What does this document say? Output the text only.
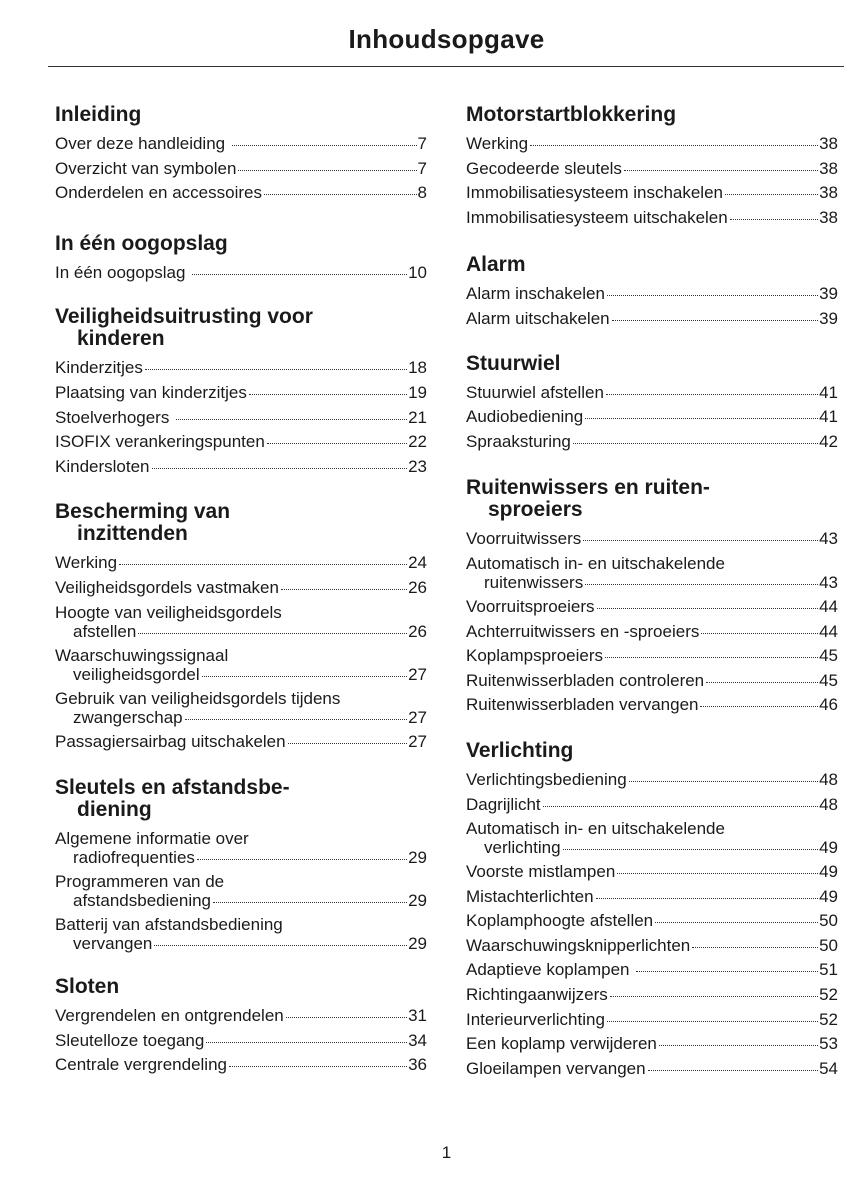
Inhoudsopgave
Inleiding
Over deze handleiding	7
Overzicht van symbolen	7
Onderdelen en accessoires	8
In één oogopslag
In één oogopslag	10
Veiligheidsuitrusting voor
kinderen
Kinderzitjes	18
Plaatsing van kinderzitjes	19
Stoelverhogers	21
ISOFIX verankeringspunten	22
Kindersloten	23
Bescherming van
inzittenden
Werking	24
Veiligheidsgordels vastmaken	26
Hoogte van veiligheidsgordels
afstellen	26
Waarschuwingssignaal
veiligheidsgordel	27
Gebruik van veiligheidsgordels tijdens
zwangerschap	27
Passagiersairbag uitschakelen	27
Sleutels en afstandsbe-
diening
Algemene informatie over
radiofrequenties	29
Programmeren van de
afstandsbediening	29
Batterij van afstandsbediening
vervangen	29
Sloten
Vergrendelen en ontgrendelen	31
Sleutelloze toegang	34
Centrale vergrendeling	36
Motorstartblokkering
Werking	38
Gecodeerde sleutels	38
Immobilisatiesysteem inschakelen	38
Immobilisatiesysteem uitschakelen	38
Alarm
Alarm inschakelen	39
Alarm uitschakelen	39
Stuurwiel
Stuurwiel afstellen	41
Audiobediening	41
Spraaksturing	42
Ruitenwissers en ruiten-
sproeiers
Voorruitwissers	43
Automatisch in- en uitschakelende
ruitenwissers	43
Voorruitsproeiers	44
Achterruitwissers en -sproeiers	44
Koplampsproeiers	45
Ruitenwisserbladen controleren	45
Ruitenwisserbladen vervangen	46
Verlichting
Verlichtingsbediening	48
Dagrijlicht	48
Automatisch in- en uitschakelende
verlichting	49
Voorste mistlampen	49
Mistachterlichten	49
Koplamphoogte afstellen	50
Waarschuwingsknipperlichten	50
Adaptieve koplampen	51
Richtingaanwijzers	52
Interieurverlichting	52
Een koplamp verwijderen	53
Gloeilampen vervangen	54
1
